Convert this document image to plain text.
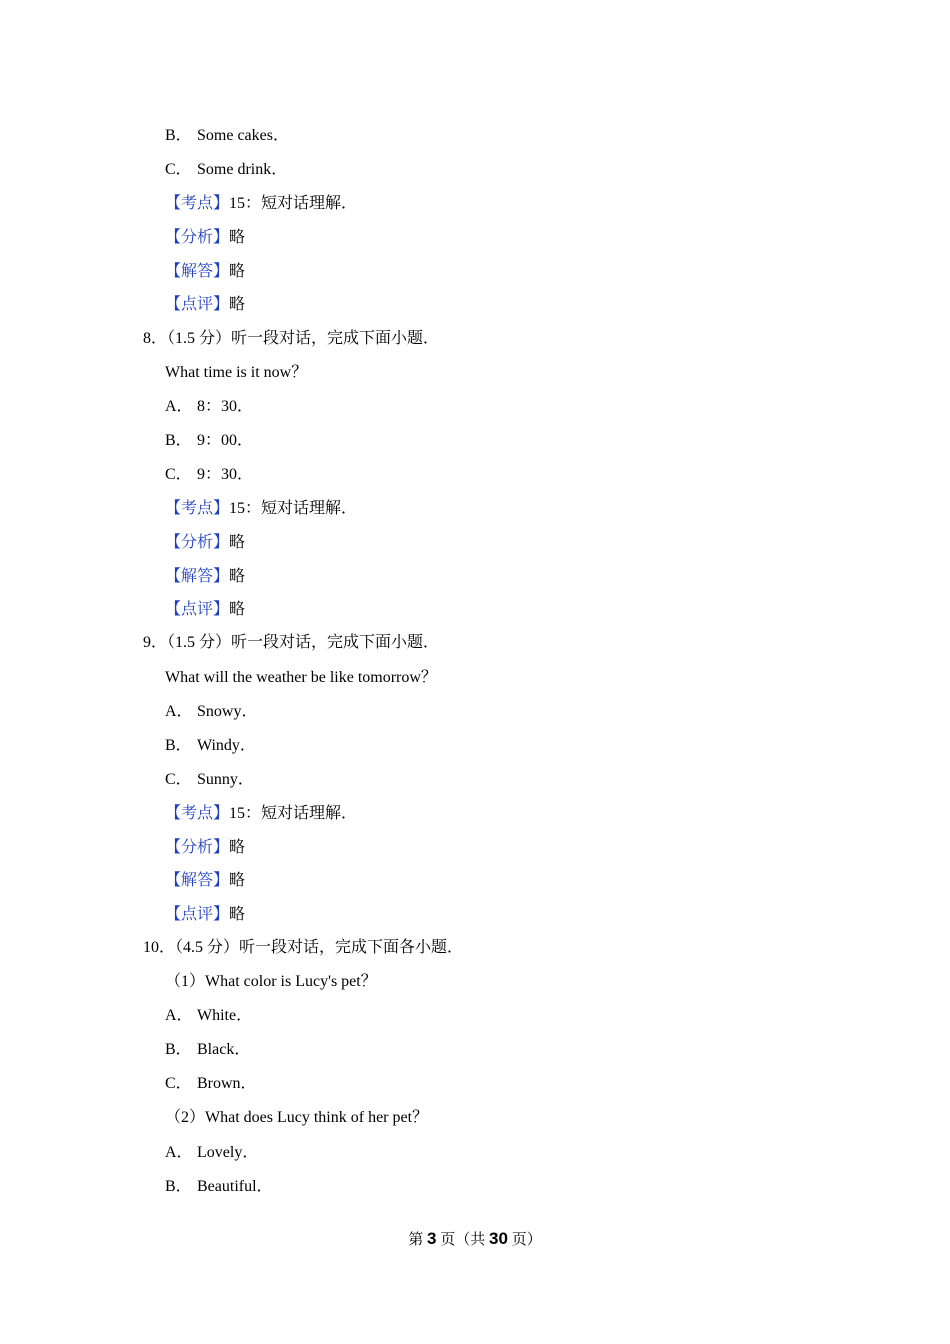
B． Some cakes．
C． Some drink．
【考点】15：短对话理解．
【分析】略
【解答】略
【点评】略
8．（1.5 分）听一段对话，完成下面小题．
What time is it now？
A． 8：30．
B． 9：00．
C． 9：30．
【考点】15：短对话理解．
【分析】略
【解答】略
【点评】略
9．（1.5 分）听一段对话，完成下面小题．
What will the weather be like tomorrow？
A． Snowy．
B． Windy．
C． Sunny．
【考点】15：短对话理解．
【分析】略
【解答】略
【点评】略
10．（4.5 分）听一段对话，完成下面各小题．
（1）What color is Lucy's pet？
A． White．
B． Black．
C． Brown．
（2）What does Lucy think of her pet？
A． Lovely．
B． Beautiful．
第 3 页（共 30 页）
